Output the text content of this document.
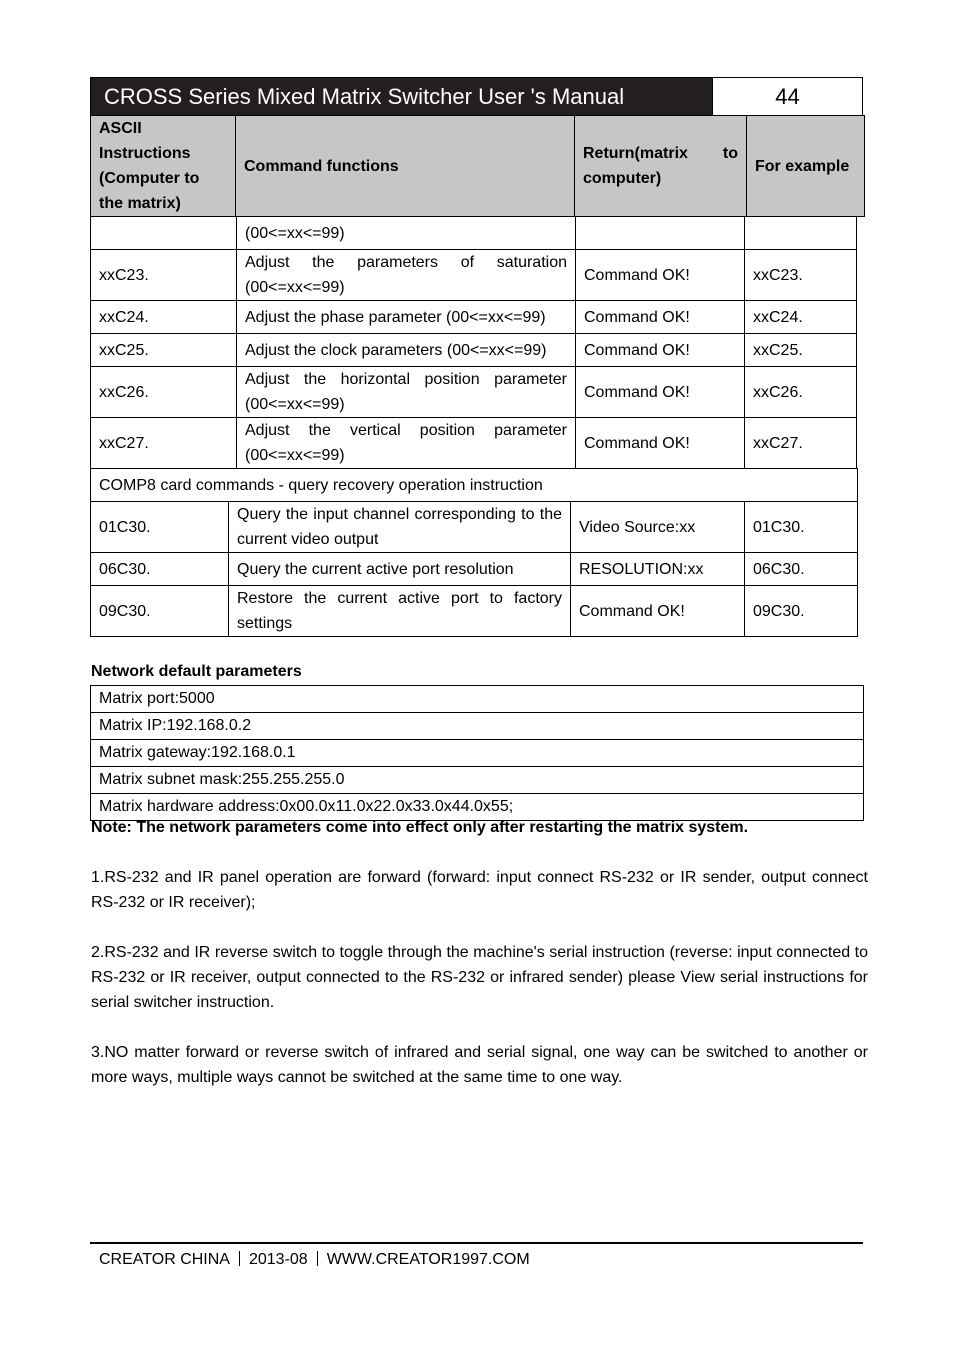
CROSS Series Mixed Matrix Switcher User 's Manual	44
ASCII Instructions (Computer to the matrix)	Command functions	Return(matrix to computer)	For example
	(00<=xx<=99)		
xxC23.	Adjust the parameters of saturation (00<=xx<=99)	Command OK!	xxC23.
xxC24.	Adjust the phase parameter (00<=xx<=99)	Command OK!	xxC24.
xxC25.	Adjust the clock parameters (00<=xx<=99)	Command OK!	xxC25.
xxC26.	Adjust the horizontal position parameter (00<=xx<=99)	Command OK!	xxC26.
xxC27.	Adjust the vertical position parameter (00<=xx<=99)	Command OK!	xxC27.
COMP8 card commands - query recovery operation instruction			
01C30.	Query the input channel corresponding to the current video output	Video Source:xx	01C30.
06C30.	Query the current active port resolution	RESOLUTION:xx	06C30.
09C30.	Restore the current active port to factory settings	Command OK!	09C30.
Network default parameters
Matrix port:5000
Matrix IP:192.168.0.2
Matrix gateway:192.168.0.1
Matrix subnet mask:255.255.255.0
Matrix hardware address:0x00.0x11.0x22.0x33.0x44.0x55;
Note: The network parameters come into effect only after restarting the matrix system.
1.RS-232 and IR panel operation are forward (forward: input connect RS-232 or IR sender, output connect RS-232 or IR receiver);
2.RS-232 and IR reverse switch to toggle through the machine's serial instruction (reverse: input connected to RS-232 or IR receiver, output connected to the RS-232 or infrared sender) please View serial instructions for serial switcher instruction.
3.NO matter forward or reverse switch of infrared and serial signal, one way can be switched to another or more ways, multiple ways cannot be switched at the same time to one way.
CREATOR CHINA 2013-08 WWW.CREATOR1997.COM
